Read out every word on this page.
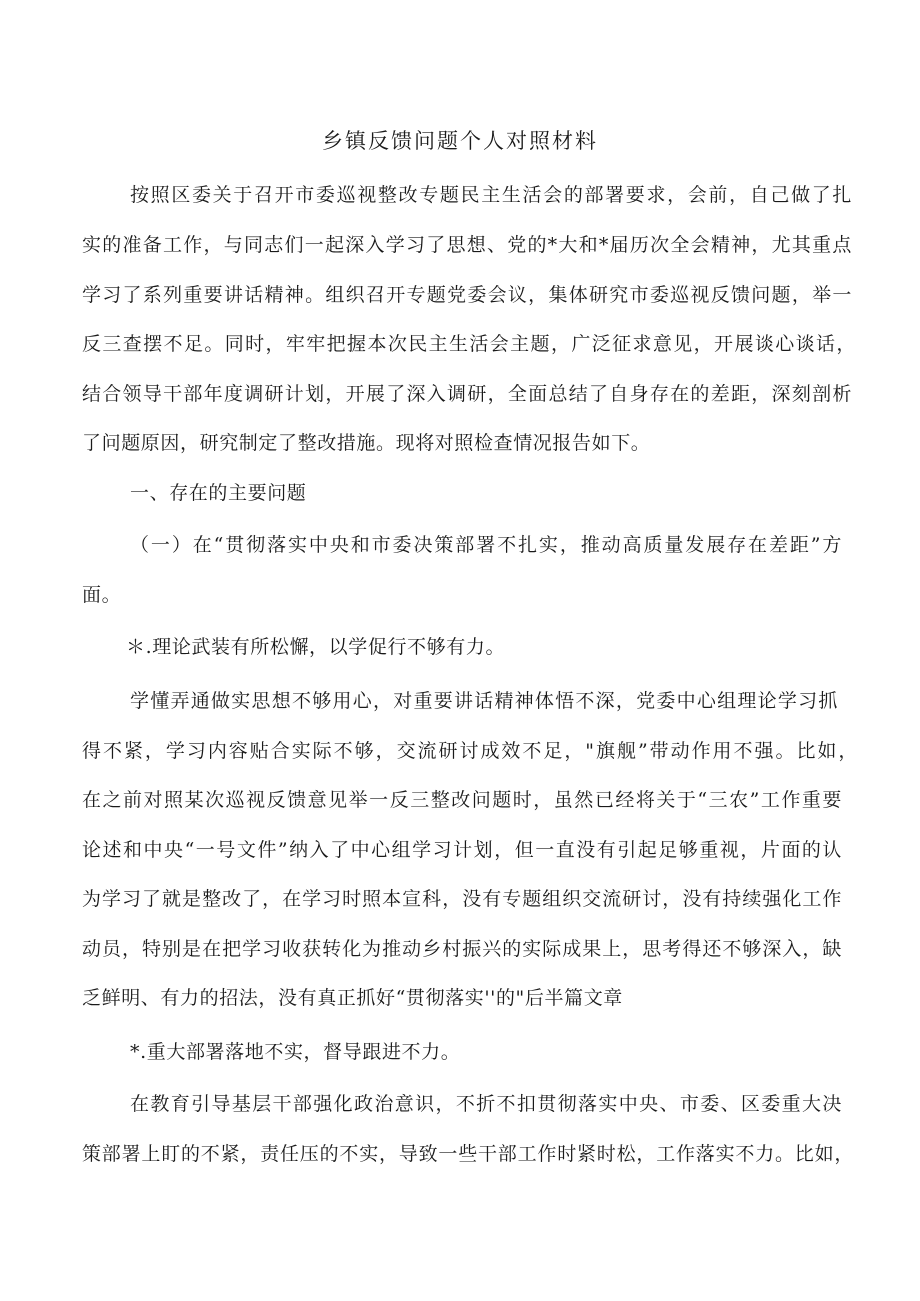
乡镇反馈问题个人对照材料
按照区委关于召开市委巡视整改专题民主生活会的部署要求，会前，自己做了扎
实的准备工作，与同志们一起深入学习了思想、党的*大和*届历次全会精神，尤其重点
学习了系列重要讲话精神。组织召开专题党委会议，集体研究市委巡视反馈问题，举一
反三查摆不足。同时，牢牢把握本次民主生活会主题，广泛征求意见，开展谈心谈话，
结合领导干部年度调研计划，开展了深入调研，全面总结了自身存在的差距，深刻剖析
了问题原因，研究制定了整改措施。现将对照检查情况报告如下。
一、存在的主要问题
（一）在“贯彻落实中央和市委决策部署不扎实，推动高质量发展存在差距”方
面。
＊.理论武装有所松懈，以学促行不够有力。
学懂弄通做实思想不够用心，对重要讲话精神体悟不深，党委中心组理论学习抓
得不紧，学习内容贴合实际不够，交流研讨成效不足，"旗舰”带动作用不强。比如，
在之前对照某次巡视反馈意见举一反三整改问题时，虽然已经将关于“三农”工作重要
论述和中央“一号文件”纳入了中心组学习计划，但一直没有引起足够重视，片面的认
为学习了就是整改了，在学习时照本宣科，没有专题组织交流研讨，没有持续强化工作
动员，特别是在把学习收获转化为推动乡村振兴的实际成果上，思考得还不够深入，缺
乏鲜明、有力的招法，没有真正抓好“贯彻落实''的"后半篇文章
*.重大部署落地不实，督导跟进不力。
在教育引导基层干部强化政治意识，不折不扣贯彻落实中央、市委、区委重大决
策部署上盯的不紧，责任压的不实，导致一些干部工作时紧时松，工作落实不力。比如，
